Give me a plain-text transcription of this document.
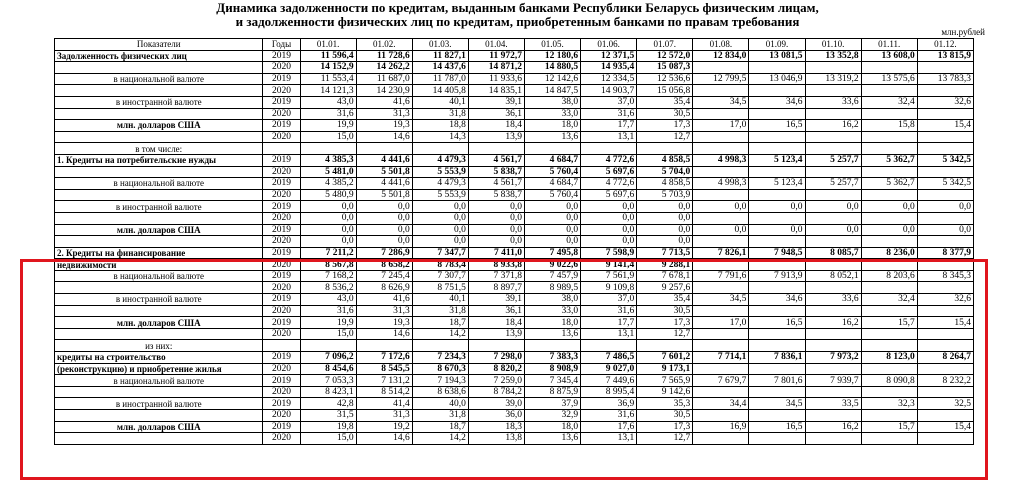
Динамика задолженности по кредитам, выданным банками Республики Беларусь физическим лицам,
и задолженности физических лиц по кредитам, приобретенным банками по правам требования
млн.рублей
Показатели	Годы	01.01.	01.02.	01.03.	01.04.	01.05.	01.06.	01.07.	01.08.	01.09.	01.10.	01.11.	01.12.
Задолженность физических лиц	2019	11 596,4	11 728,6	11 827,1	11 972,7	12 180,6	12 371,5	12 572,0	12 834,0	13 081,5	13 352,8	13 608,0	13 815,9
	2020	14 152,9	14 262,2	14 437,6	14 871,2	14 880,5	14 935,4	15 087,3					
в национальной валюте	2019	11 553,4	11 687,0	11 787,0	11 933,6	12 142,6	12 334,5	12 536,6	12 799,5	13 046,9	13 319,2	13 575,6	13 783,3
	2020	14 121,3	14 230,9	14 405,8	14 835,1	14 847,5	14 903,7	15 056,8					
в иностранной валюте	2019	43,0	41,6	40,1	39,1	38,0	37,0	35,4	34,5	34,6	33,6	32,4	32,6
	2020	31,6	31,3	31,8	36,1	33,0	31,6	30,5					
млн. долларов США	2019	19,9	19,3	18,8	18,4	18,0	17,7	17,3	17,0	16,5	16,2	15,8	15,4
	2020	15,0	14,6	14,3	13,9	13,6	13,1	12,7					
в том числе:													
1. Кредиты на потребительские нужды	2019	4 385,3	4 441,6	4 479,3	4 561,7	4 684,7	4 772,6	4 858,5	4 998,3	5 123,4	5 257,7	5 362,7	5 342,5
	2020	5 481,0	5 501,8	5 553,9	5 838,7	5 760,4	5 697,6	5 704,0					
в национальной валюте	2019	4 385,2	4 441,6	4 479,3	4 561,7	4 684,7	4 772,6	4 858,5	4 998,3	5 123,4	5 257,7	5 362,7	5 342,5
	2020	5 480,9	5 501,8	5 553,9	5 838,7	5 760,4	5 697,6	5 703,9					
в иностранной валюте	2019	0,0	0,0	0,0	0,0	0,0	0,0	0,0	0,0	0,0	0,0	0,0	0,0
	2020	0,0	0,0	0,0	0,0	0,0	0,0	0,0					
млн. долларов США	2019	0,0	0,0	0,0	0,0	0,0	0,0	0,0	0,0	0,0	0,0	0,0	0,0
	2020	0,0	0,0	0,0	0,0	0,0	0,0	0,0					
2. Кредиты на финансирование	2019	7 211,2	7 286,9	7 347,7	7 411,0	7 495,8	7 598,9	7 713,5	7 826,1	7 948,5	8 085,7	8 236,0	8 377,9
недвижимости	2020	8 567,8	8 658,2	8 783,4	8 933,8	9 022,6	9 141,4	9 288,1					
в национальной валюте	2019	7 168,2	7 245,4	7 307,7	7 371,8	7 457,9	7 561,9	7 678,1	7 791,6	7 913,9	8 052,1	8 203,6	8 345,3
	2020	8 536,2	8 626,9	8 751,5	8 897,7	8 989,5	9 109,8	9 257,6					
в иностранной валюте	2019	43,0	41,6	40,1	39,1	38,0	37,0	35,4	34,5	34,6	33,6	32,4	32,6
	2020	31,6	31,3	31,8	36,1	33,0	31,6	30,5					
млн. долларов США	2019	19,9	19,3	18,7	18,4	18,0	17,7	17,3	17,0	16,5	16,2	15,7	15,4
	2020	15,0	14,6	14,2	13,9	13,6	13,1	12,7					
из них:													
кредиты на строительство	2019	7 096,2	7 172,6	7 234,3	7 298,0	7 383,3	7 486,5	7 601,2	7 714,1	7 836,1	7 973,2	8 123,0	8 264,7
(реконструкцию) и приобретение жилья	2020	8 454,6	8 545,5	8 670,3	8 820,2	8 908,9	9 027,0	9 173,1					
в национальной валюте	2019	7 053,3	7 131,2	7 194,3	7 259,0	7 345,4	7 449,6	7 565,9	7 679,7	7 801,6	7 939,7	8 090,8	8 232,2
	2020	8 423,1	8 514,2	8 638,6	8 784,2	8 875,9	8 995,4	9 142,6					
в иностранной валюте	2019	42,8	41,4	40,0	39,0	37,9	36,9	35,3	34,4	34,5	33,5	32,3	32,5
	2020	31,5	31,3	31,8	36,0	32,9	31,6	30,5					
млн. долларов США	2019	19,8	19,2	18,7	18,3	18,0	17,6	17,3	16,9	16,5	16,2	15,7	15,4
	2020	15,0	14,6	14,2	13,8	13,6	13,1	12,7					
